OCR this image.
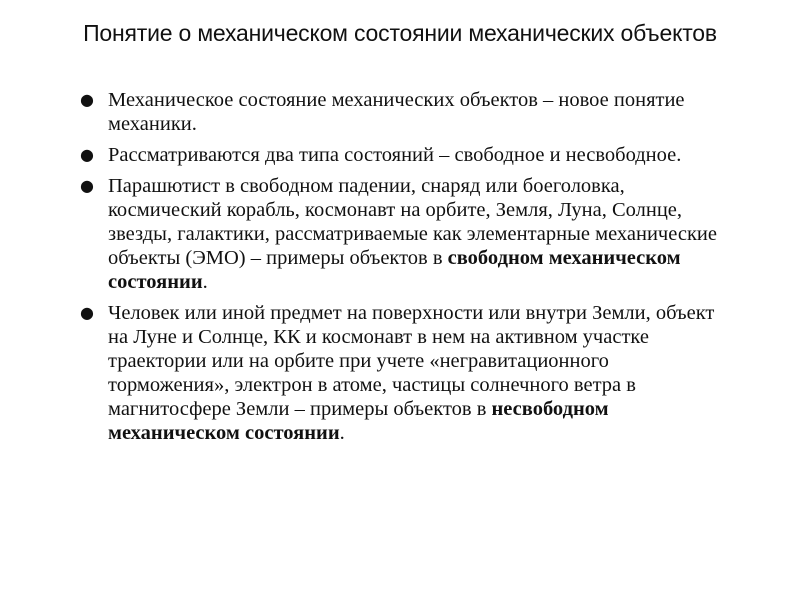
Понятие о механическом состоянии механических объектов
● Механическое состояние механических объектов – новое понятие механики.
● Рассматриваются два типа состояний – свободное и несвободное.
● Парашютист в свободном падении, снаряд или боеголовка, космический корабль, космонавт на орбите, Земля, Луна, Солнце, звезды, галактики, рассматриваемые как элементарные механические объекты (ЭМО) – примеры объектов в свободном механическом состоянии.
● Человек или иной предмет на поверхности или внутри Земли, объект на Луне и Солнце, КК и космонавт в нем на активном участке траектории или на орбите при учете «негравитационного торможения», электрон в атоме, частицы солнечного ветра в магнитосфере Земли – примеры объектов в несвободном механическом состоянии.
